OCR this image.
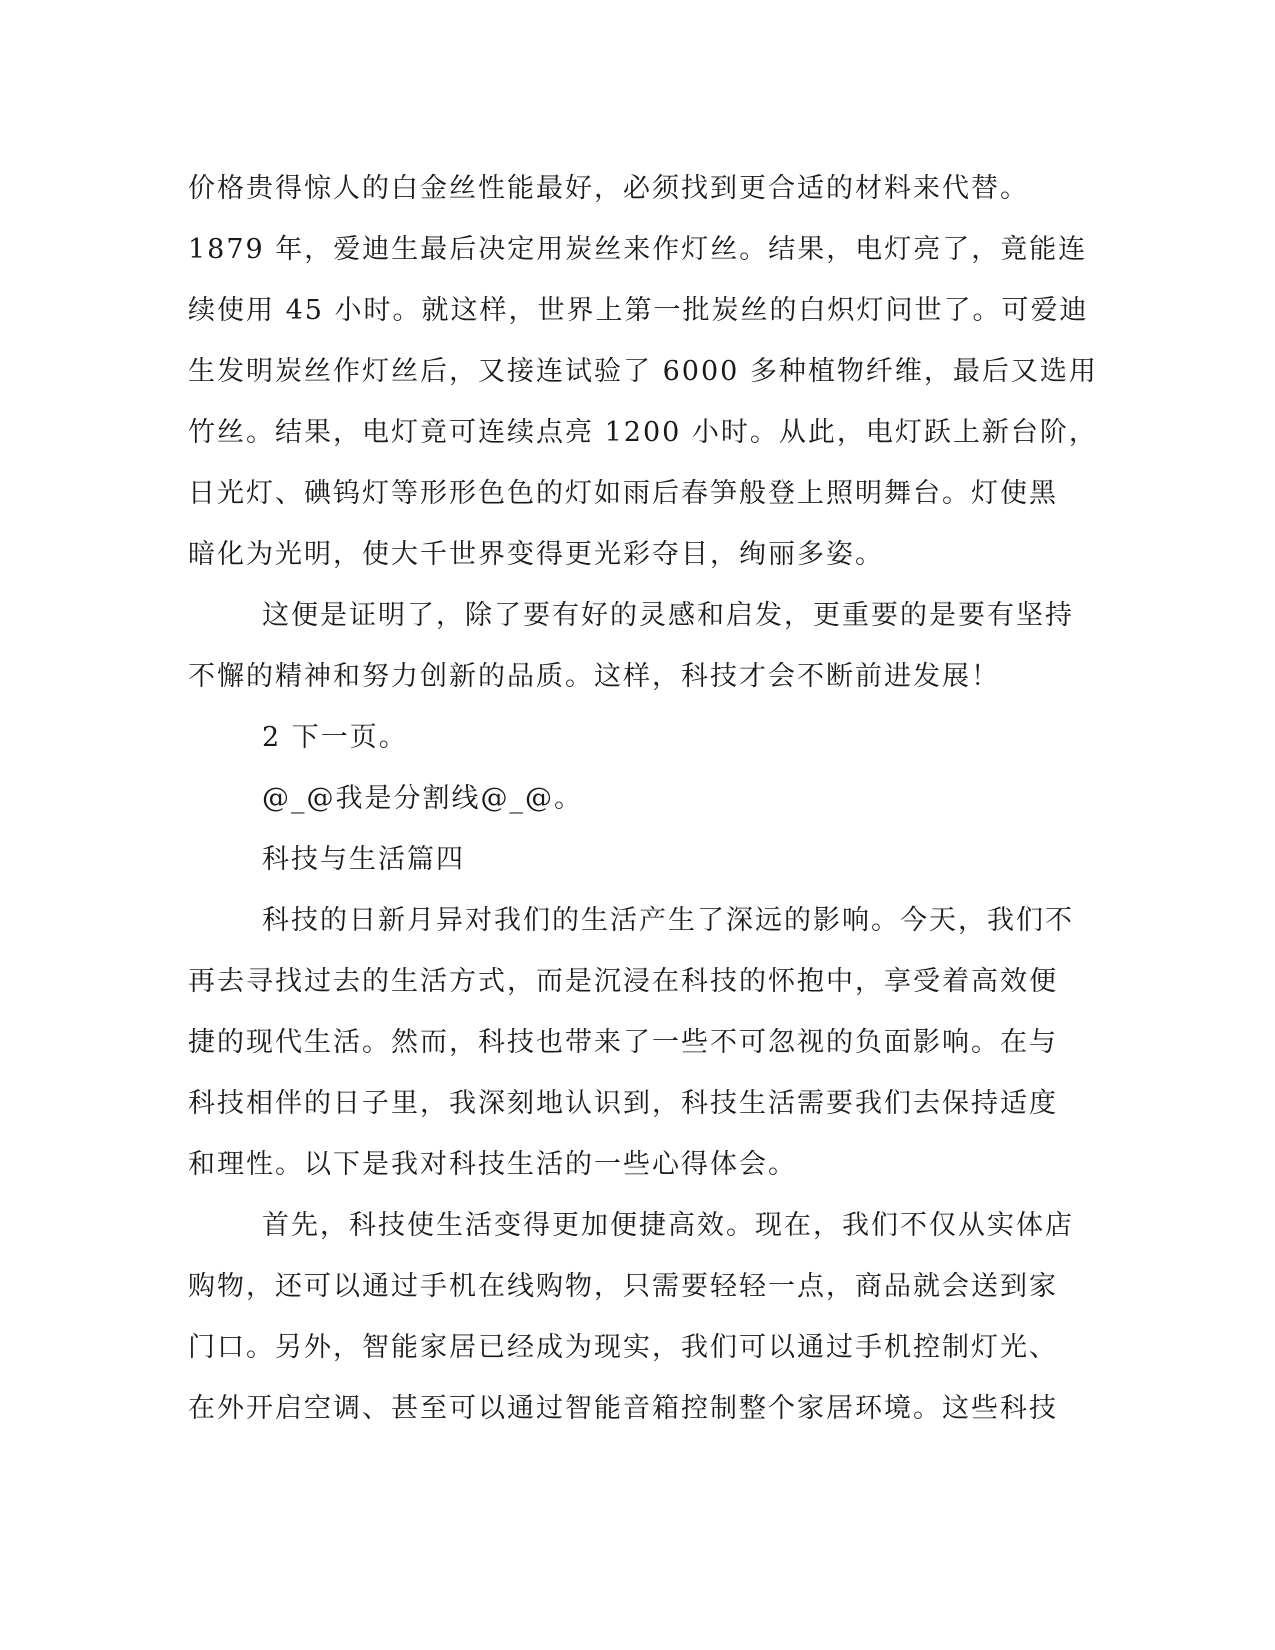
价格贵得惊人的白金丝性能最好，必须找到更合适的材料来代替。
1879 年，爱迪生最后决定用炭丝来作灯丝。结果，电灯亮了，竟能连
续使用 45 小时。就这样，世界上第一批炭丝的白炽灯问世了。可爱迪
生发明炭丝作灯丝后，又接连试验了 6000 多种植物纤维，最后又选用
竹丝。结果，电灯竟可连续点亮 1200 小时。从此，电灯跃上新台阶，
日光灯、碘钨灯等形形色色的灯如雨后春笋般登上照明舞台。灯使黑
暗化为光明，使大千世界变得更光彩夺目，绚丽多姿。
这便是证明了，除了要有好的灵感和启发，更重要的是要有坚持
不懈的精神和努力创新的品质。这样，科技才会不断前进发展！
2 下一页。
@_@我是分割线@_@。
科技与生活篇四
科技的日新月异对我们的生活产生了深远的影响。今天，我们不
再去寻找过去的生活方式，而是沉浸在科技的怀抱中，享受着高效便
捷的现代生活。然而，科技也带来了一些不可忽视的负面影响。在与
科技相伴的日子里，我深刻地认识到，科技生活需要我们去保持适度
和理性。以下是我对科技生活的一些心得体会。
首先，科技使生活变得更加便捷高效。现在，我们不仅从实体店
购物，还可以通过手机在线购物，只需要轻轻一点，商品就会送到家
门口。另外，智能家居已经成为现实，我们可以通过手机控制灯光、
在外开启空调、甚至可以通过智能音箱控制整个家居环境。这些科技
